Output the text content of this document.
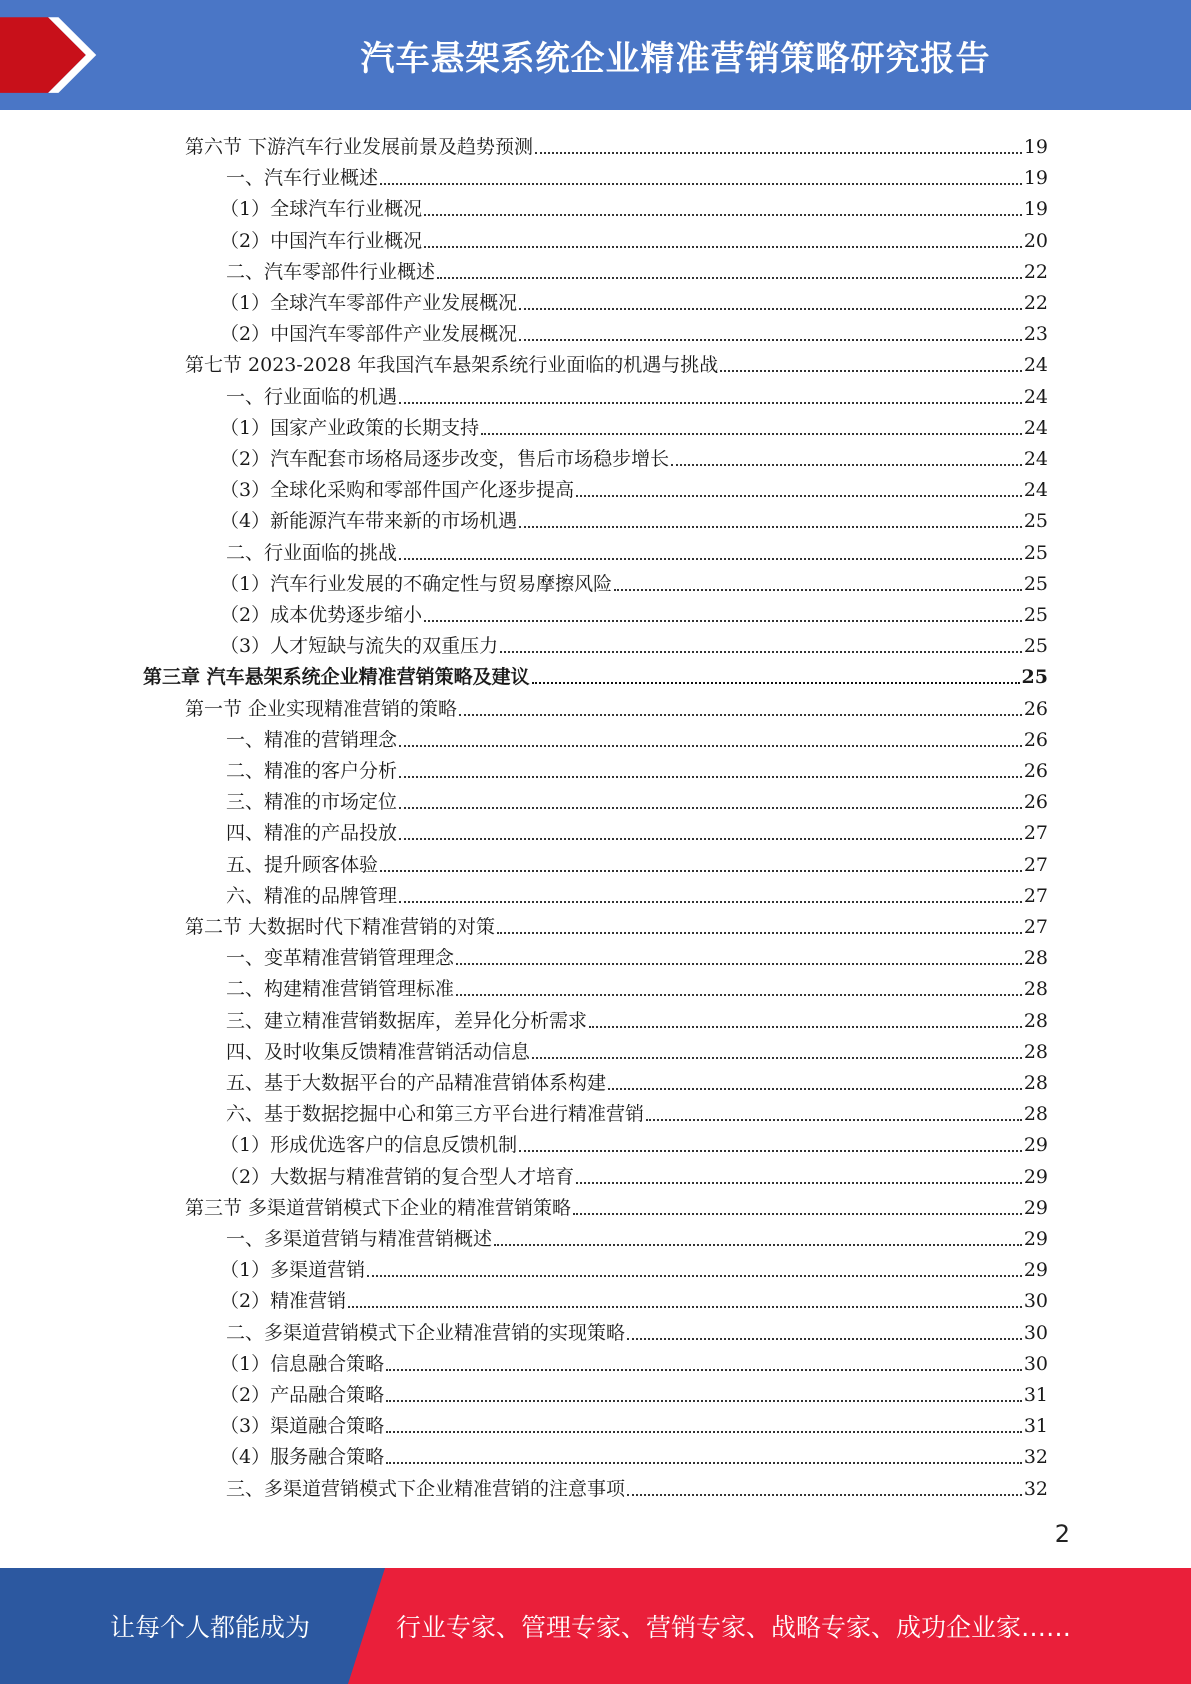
汽车悬架系统企业精准营销策略研究报告
第六节 下游汽车行业发展前景及趋势预测	19
一、汽车行业概述	19
（1）全球汽车行业概况	19
（2）中国汽车行业概况	20
二、汽车零部件行业概述	22
（1）全球汽车零部件产业发展概况	22
（2）中国汽车零部件产业发展概况	23
第七节 2023-2028 年我国汽车悬架系统行业面临的机遇与挑战	24
一、行业面临的机遇	24
（1）国家产业政策的长期支持	24
（2）汽车配套市场格局逐步改变，售后市场稳步增长	24
（3）全球化采购和零部件国产化逐步提高	24
（4）新能源汽车带来新的市场机遇	25
二、行业面临的挑战	25
（1）汽车行业发展的不确定性与贸易摩擦风险	25
（2）成本优势逐步缩小	25
（3）人才短缺与流失的双重压力	25
第三章 汽车悬架系统企业精准营销策略及建议	25
第一节 企业实现精准营销的策略	26
一、精准的营销理念	26
二、精准的客户分析	26
三、精准的市场定位	26
四、精准的产品投放	27
五、提升顾客体验	27
六、精准的品牌管理	27
第二节 大数据时代下精准营销的对策	27
一、变革精准营销管理理念	28
二、构建精准营销管理标准	28
三、建立精准营销数据库，差异化分析需求	28
四、及时收集反馈精准营销活动信息	28
五、基于大数据平台的产品精准营销体系构建	28
六、基于数据挖掘中心和第三方平台进行精准营销	28
（1）形成优选客户的信息反馈机制	29
（2）大数据与精准营销的复合型人才培育	29
第三节 多渠道营销模式下企业的精准营销策略	29
一、多渠道营销与精准营销概述	29
（1）多渠道营销	29
（2）精准营销	30
二、多渠道营销模式下企业精准营销的实现策略	30
（1）信息融合策略	30
（2）产品融合策略	31
（3）渠道融合策略	31
（4）服务融合策略	32
三、多渠道营销模式下企业精准营销的注意事项	32
2
让每个人都能成为	行业专家、管理专家、营销专家、战略专家、成功企业家……
